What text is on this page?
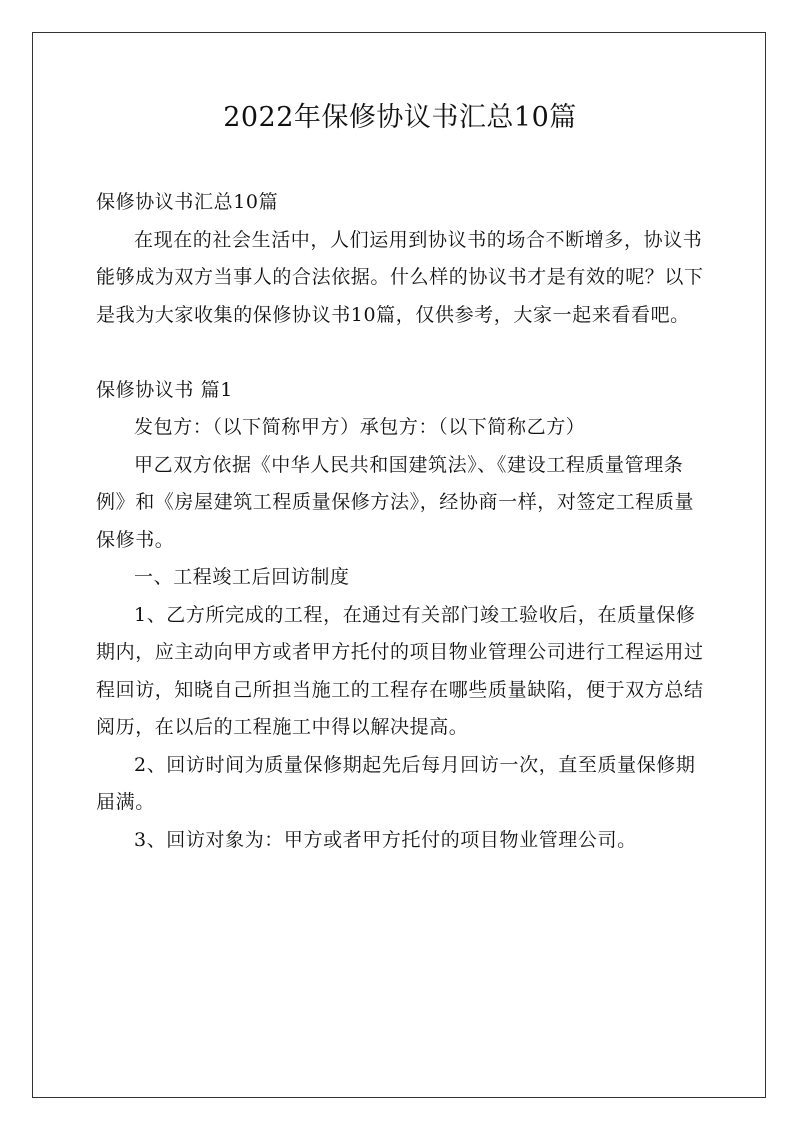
2022年保修协议书汇总10篇

保修协议书汇总10篇

在现在的社会生活中，人们运用到协议书的场合不断增多，协议书能够成为双方当事人的合法依据。什么样的协议书才是有效的呢？以下是我为大家收集的保修协议书10篇，仅供参考，大家一起来看看吧。

保修协议书 篇1

发包方：（以下简称甲方）承包方：（以下简称乙方）

甲乙双方依据《中华人民共和国建筑法》、《建设工程质量管理条例》和《房屋建筑工程质量保修方法》，经协商一样，对签定工程质量保修书。

一、工程竣工后回访制度

1、乙方所完成的工程，在通过有关部门竣工验收后，在质量保修期内，应主动向甲方或者甲方托付的项目物业管理公司进行工程运用过程回访，知晓自己所担当施工的工程存在哪些质量缺陷，便于双方总结阅历，在以后的工程施工中得以解决提高。

2、回访时间为质量保修期起先后每月回访一次，直至质量保修期届满。

3、回访对象为：甲方或者甲方托付的项目物业管理公司。
